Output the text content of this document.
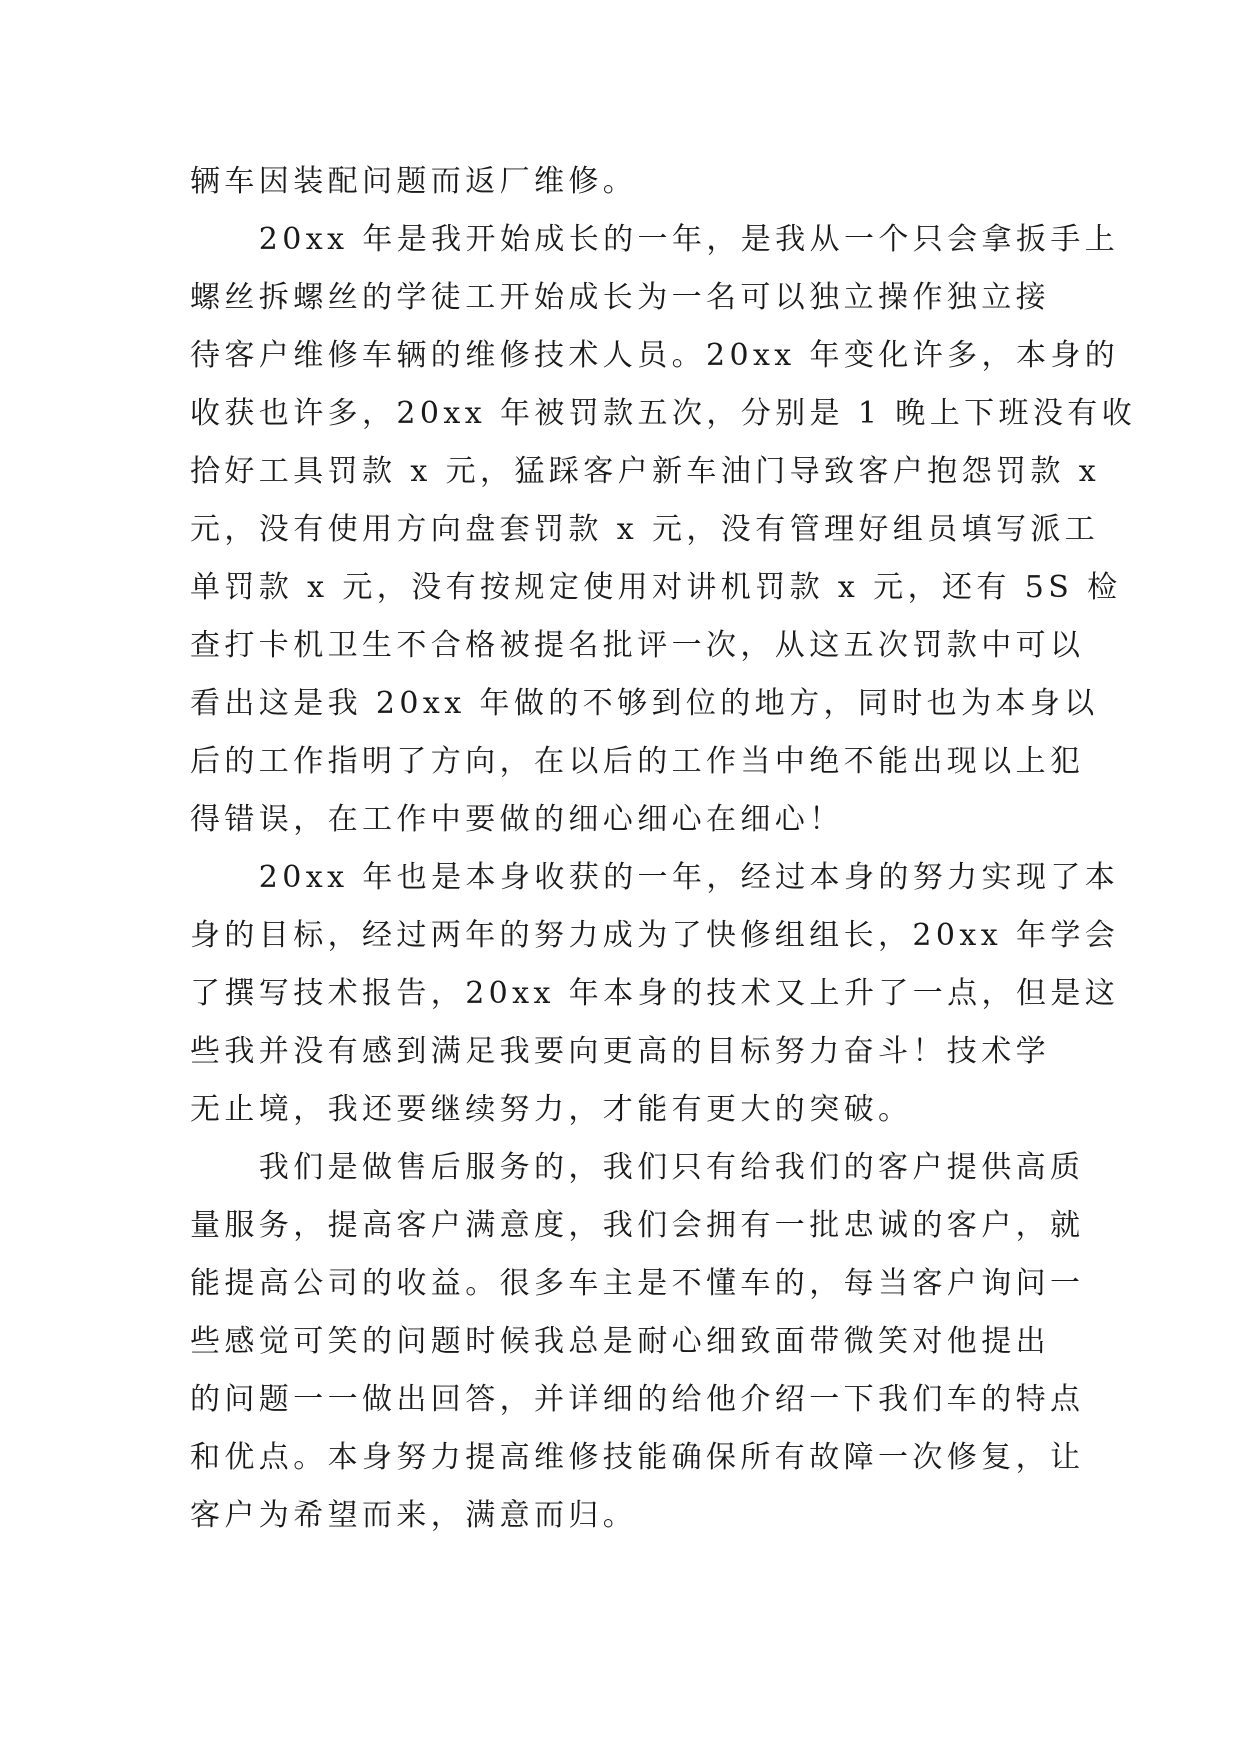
辆车因装配问题而返厂维修。
　　20xx 年是我开始成长的一年，是我从一个只会拿扳手上
螺丝拆螺丝的学徒工开始成长为一名可以独立操作独立接
待客户维修车辆的维修技术人员。20xx 年变化许多，本身的
收获也许多，20xx 年被罚款五次，分别是 1 晚上下班没有收
拾好工具罚款 x 元，猛踩客户新车油门导致客户抱怨罚款 x
元，没有使用方向盘套罚款 x 元，没有管理好组员填写派工
单罚款 x 元，没有按规定使用对讲机罚款 x 元，还有 5S 检
查打卡机卫生不合格被提名批评一次，从这五次罚款中可以
看出这是我 20xx 年做的不够到位的地方，同时也为本身以
后的工作指明了方向，在以后的工作当中绝不能出现以上犯
得错误，在工作中要做的细心细心在细心！
　　20xx 年也是本身收获的一年，经过本身的努力实现了本
身的目标，经过两年的努力成为了快修组组长，20xx 年学会
了撰写技术报告，20xx 年本身的技术又上升了一点，但是这
些我并没有感到满足我要向更高的目标努力奋斗！技术学
无止境，我还要继续努力，才能有更大的突破。
　　我们是做售后服务的，我们只有给我们的客户提供高质
量服务，提高客户满意度，我们会拥有一批忠诚的客户，就
能提高公司的收益。很多车主是不懂车的，每当客户询问一
些感觉可笑的问题时候我总是耐心细致面带微笑对他提出
的问题一一做出回答，并详细的给他介绍一下我们车的特点
和优点。本身努力提高维修技能确保所有故障一次修复，让
客户为希望而来，满意而归。
